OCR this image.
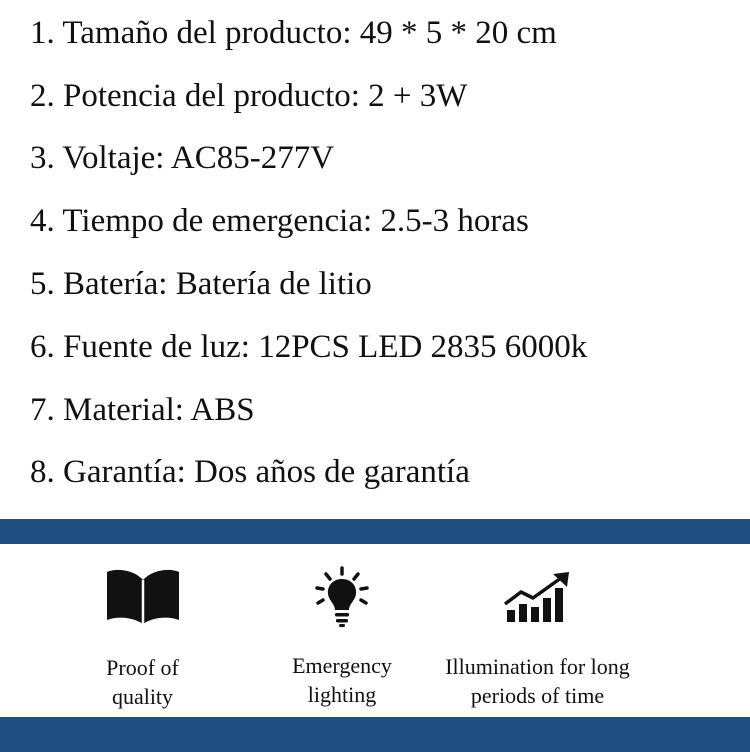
1. Tamaño del producto: 49 * 5 * 20 cm
2. Potencia del producto: 2 + 3W
3. Voltaje: AC85-277V
4. Tiempo de emergencia: 2.5-3 horas
5. Batería: Batería de litio
6. Fuente de luz: 12PCS LED 2835 6000k
7. Material: ABS
8. Garantía: Dos años de garantía
Proof of
quality
Emergency
lighting
Illumination for long
periods of time
